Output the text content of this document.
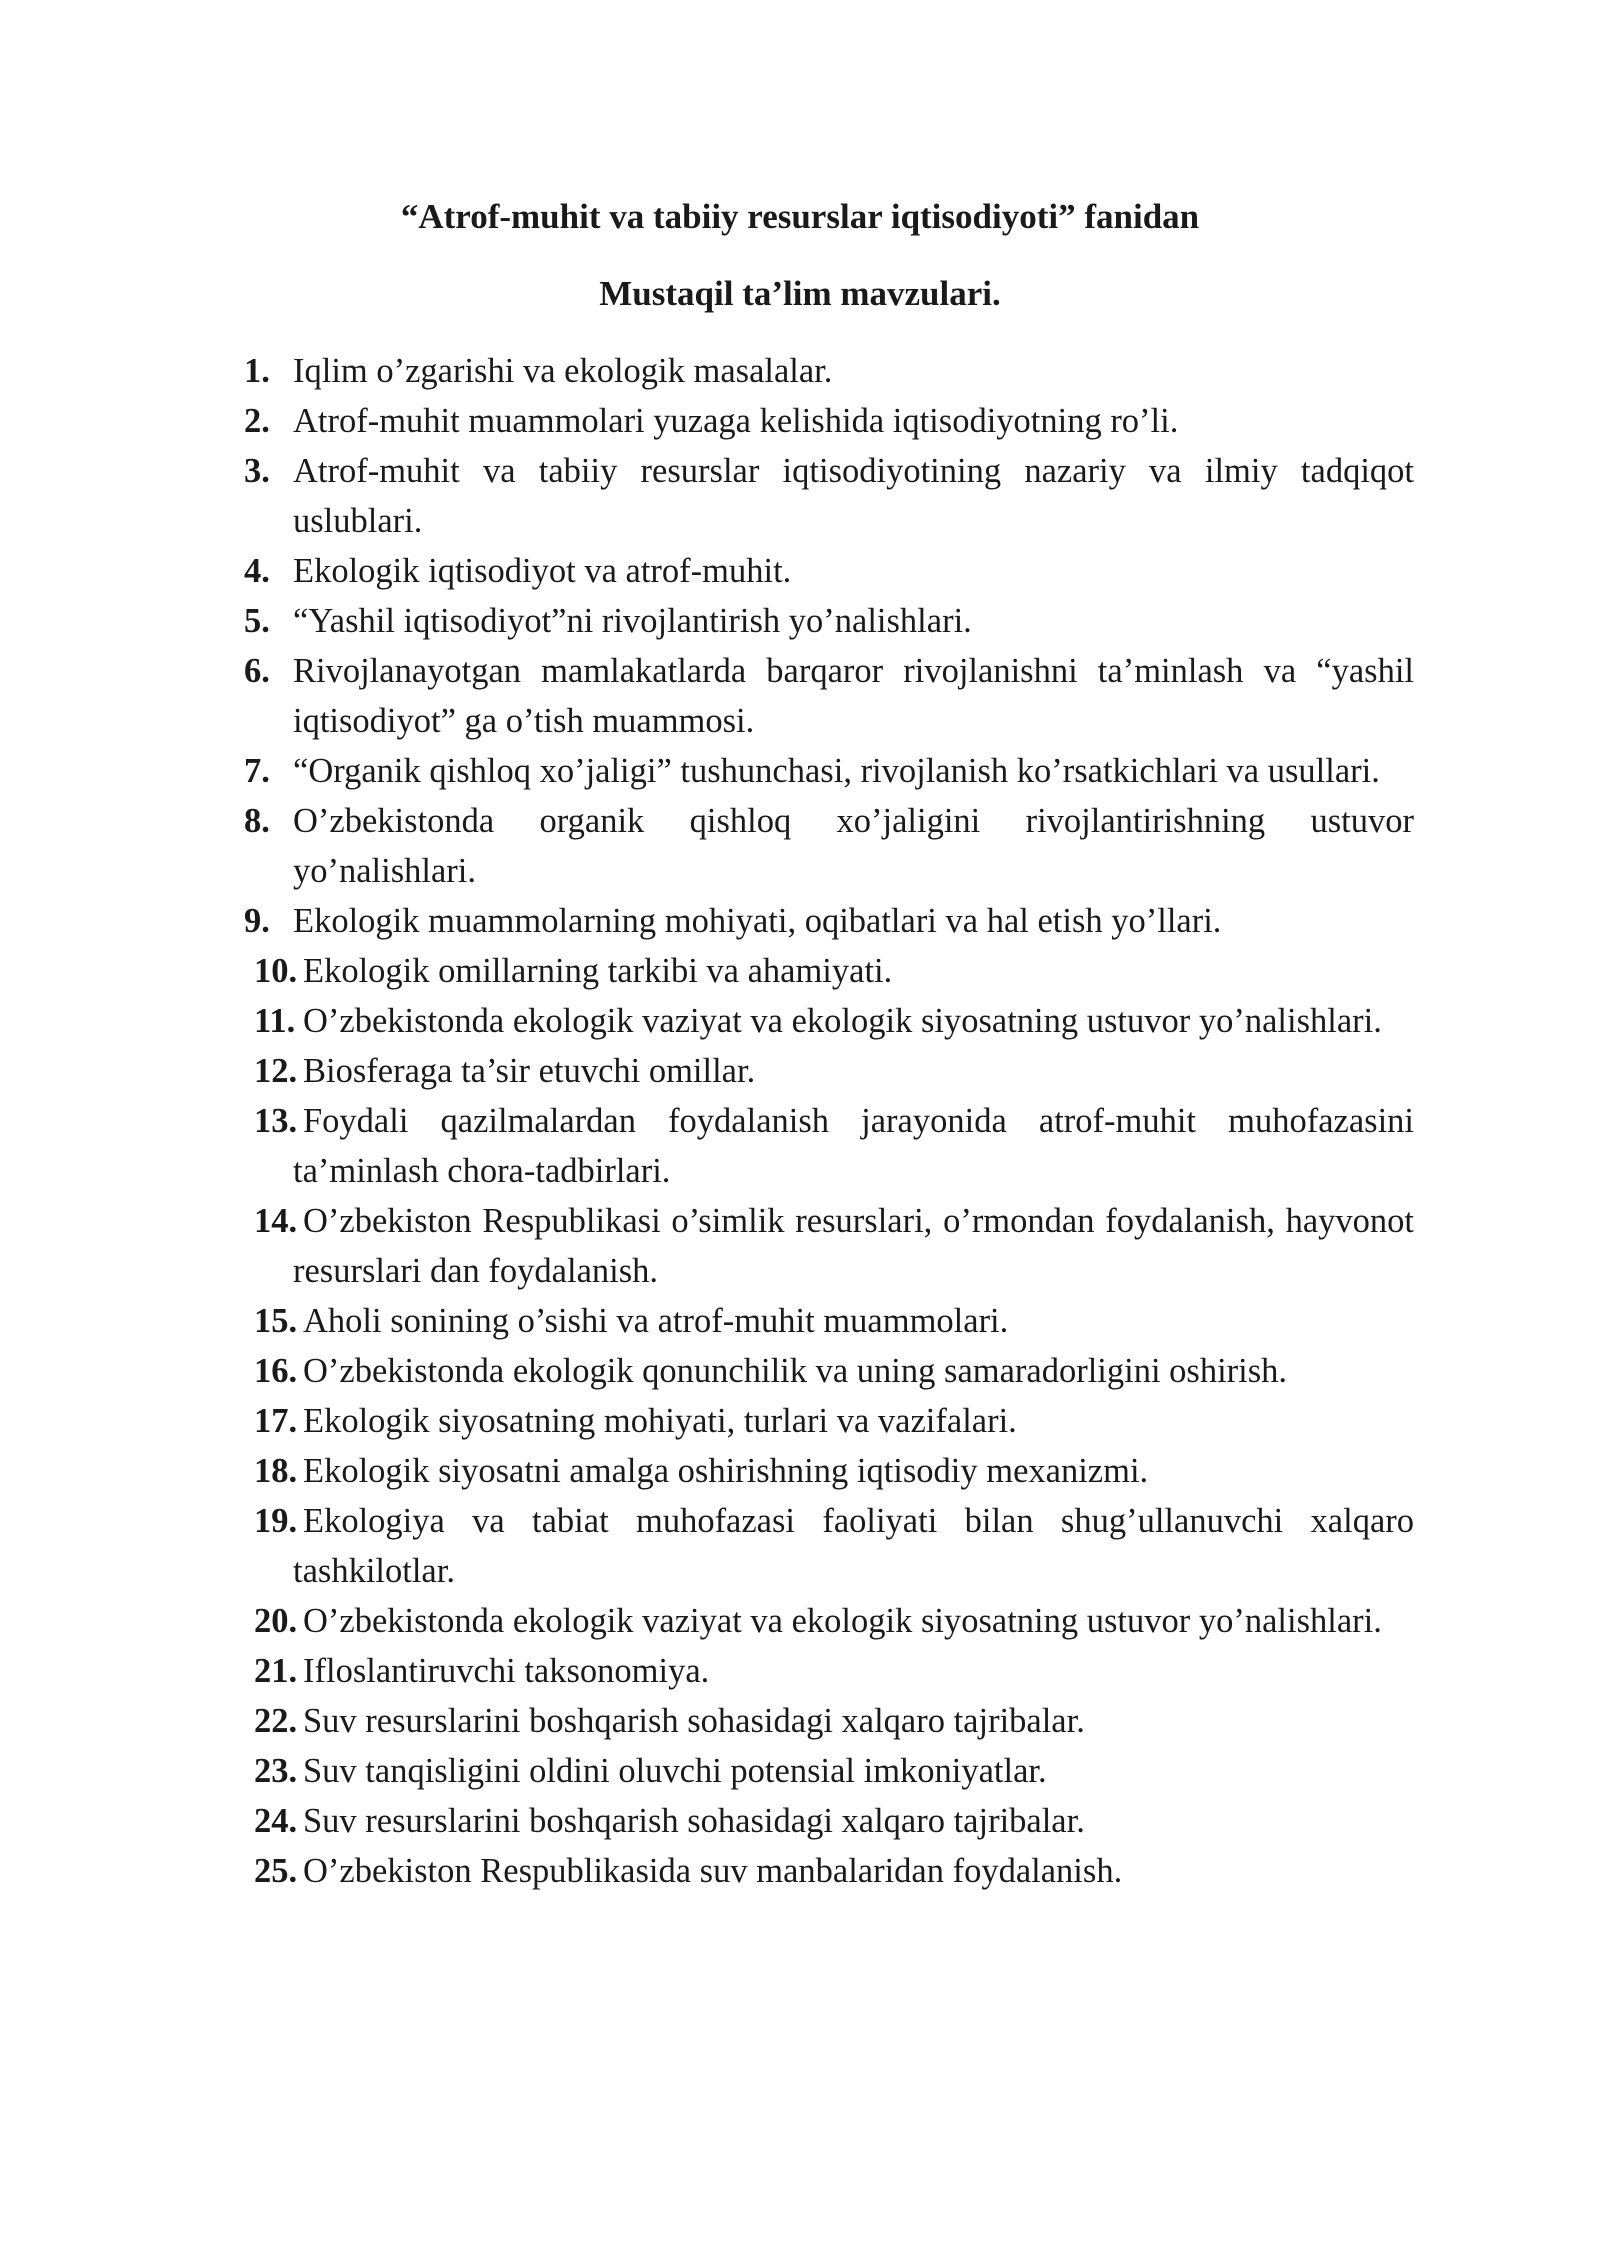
“Atrof-muhit va tabiiy resurslar iqtisodiyoti” fanidan
Mustaqil ta’lim mavzulari.
1. Iqlim o’zgarishi va ekologik masalalar.
2. Atrof-muhit muammolari yuzaga kelishida iqtisodiyotning ro’li.
3. Atrof-muhit va tabiiy resurslar iqtisodiyotining nazariy va ilmiy tadqiqot uslublari.
4. Ekologik iqtisodiyot va atrof-muhit.
5. “Yashil iqtisodiyot”ni rivojlantirish yo’nalishlari.
6. Rivojlanayotgan mamlakatlarda barqaror rivojlanishni ta’minlash va “yashil iqtisodiyot” ga o’tish muammosi.
7. “Organik qishloq xo’jaligi” tushunchasi, rivojlanish ko’rsatkichlari va usullari.
8. O’zbekistonda organik qishloq xo’jaligini rivojlantirishning ustuvor yo’nalishlari.
9. Ekologik muammolarning mohiyati, oqibatlari va hal etish yo’llari.
10. Ekologik omillarning tarkibi va ahamiyati.
11. O’zbekistonda ekologik vaziyat va ekologik siyosatning ustuvor yo’nalishlari.
12. Biosferaga ta’sir etuvchi omillar.
13. Foydali qazilmalardan foydalanish jarayonida atrof-muhit muhofazasini ta’minlash chora-tadbirlari.
14. O’zbekiston Respublikasi o’simlik resurslari, o’rmondan foydalanish, hayvonot resurslari dan foydalanish.
15. Aholi sonining o’sishi va atrof-muhit muammolari.
16. O’zbekistonda ekologik qonunchilik va uning samaradorligini oshirish.
17. Ekologik siyosatning mohiyati, turlari va vazifalari.
18. Ekologik siyosatni amalga oshirishning iqtisodiy mexanizmi.
19. Ekologiya va tabiat muhofazasi faoliyati bilan shug’ullanuvchi xalqaro tashkilotlar.
20. O’zbekistonda ekologik vaziyat va ekologik siyosatning ustuvor yo’nalishlari.
21. Ifloslantiruvchi taksonomiya.
22. Suv resurslarini boshqarish sohasidagi xalqaro tajribalar.
23. Suv tanqisligini oldini oluvchi potensial imkoniyatlar.
24. Suv resurslarini boshqarish sohasidagi xalqaro tajribalar.
25. O’zbekiston Respublikasida suv manbalaridan foydalanish.
